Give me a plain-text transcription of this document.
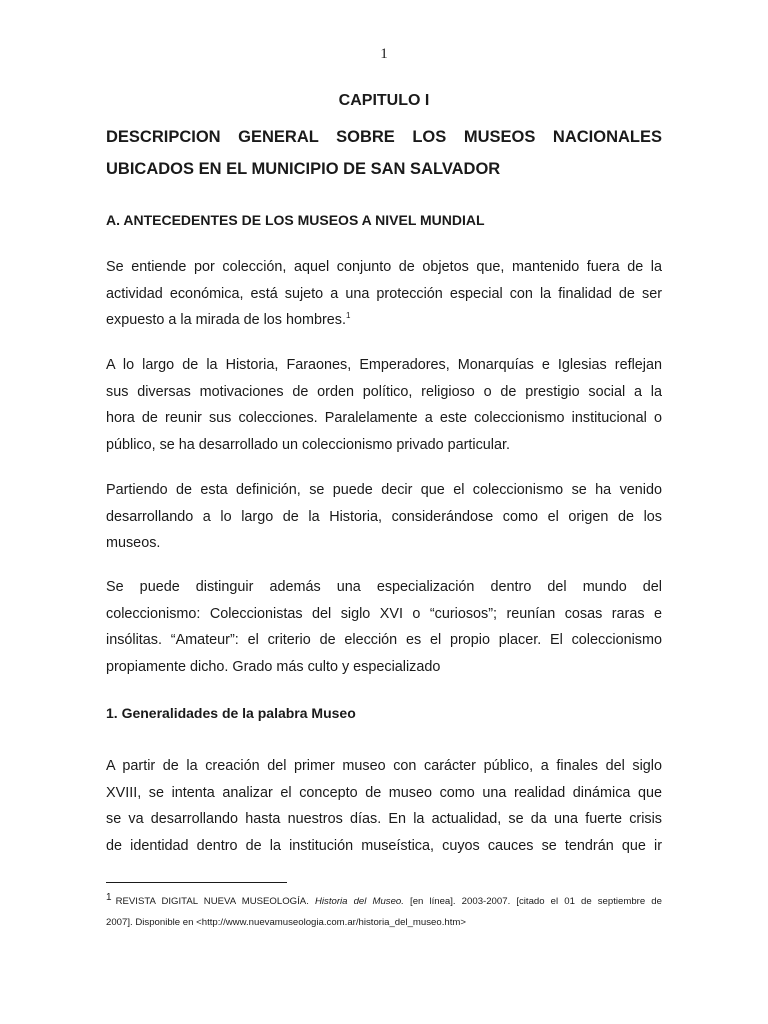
1
CAPITULO I
DESCRIPCION GENERAL SOBRE LOS MUSEOS NACIONALES
UBICADOS EN EL MUNICIPIO DE SAN SALVADOR
A. ANTECEDENTES DE LOS MUSEOS A NIVEL MUNDIAL

Se entiende por colección, aquel conjunto de objetos que, mantenido fuera de la
actividad económica, está sujeto a una protección especial con la finalidad de ser
expuesto a la mirada de los hombres.$^1$

A lo largo de la Historia, Faraones, Emperadores, Monarquías e Iglesias reflejan
sus diversas motivaciones de orden político, religioso o de prestigio social a la
hora de reunir sus colecciones. Paralelamente a este coleccionismo institucional o
público, se ha desarrollado un coleccionismo privado particular.

Partiendo de esta definición, se puede decir que el coleccionismo se ha venido
desarrollando a lo largo de la Historia, considerándose como el origen de los
museos.

Se puede distinguir además una especialización dentro del mundo del
coleccionismo: Coleccionistas del siglo XVI o “curiosos”; reunían cosas raras e
insólitas. “Amateur”: el criterio de elección es el propio placer. El coleccionismo
propiamente dicho. Grado más culto y especializado

1. Generalidades de la palabra Museo

A partir de la creación del primer museo con carácter público, a finales del siglo
XVIII, se intenta analizar el concepto de museo como una realidad dinámica que
se va desarrollando hasta nuestros días. En la actualidad, se da una fuerte crisis
de identidad dentro de la institución museística, cuyos cauces se tendrán que ir

1 REVISTA DIGITAL NUEVA MUSEOLOGÍA. Historia del Museo. [en línea]. 2003-2007. [citado el 01 de septiembre de
2007]. Disponible en <http://www.nuevamuseologia.com.ar/historia_del_museo.htm>
